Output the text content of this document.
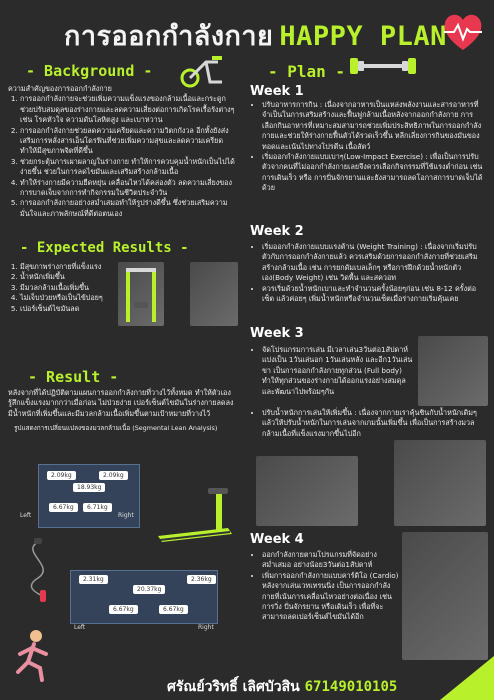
การออกกำลังกาย HAPPY PLAN
- Background -

ความสำคัญของการออกกำลังกาย

1. การออกกำลังกายจะช่วยเพิ่มความแข็งแรงของกล้ามเนื้อและกระดูก ช่วยปรับสมดุลของร่างกายและลดความเสี่ยงต่อการเกิดโรคเรื้อรังต่างๆ เช่น โรคหัวใจ ความดันโลหิตสูง และเบาหวาน
2. การออกกำลังกายช่วยลดความเครียดและความวิตกกังวล อีกทั้งยังส่งเสริมการหลั่งสารเอ็นโดรฟินที่ช่วยเพิ่มความสุขและลดความเครียด ทำให้มีสุขภาพจิตที่ดีขึ้น
3. ช่วยกระตุ้นการเผาผลาญในร่างกาย ทำให้การควบคุมน้ำหนักเป็นไปได้ง่ายขึ้น ช่วยในการลดไขมันและเสริมสร้างกล้ามเนื้อ
4. ทำให้ร่างกายมีความยืดหยุ่น เคลื่อนไหวได้คล่องตัว ลดความเสี่ยงของการบาดเจ็บจากการทำกิจกรรมในชีวิตประจำวัน
5. การออกกำลังกายอย่างสม่ำเสมอทำให้รูปร่างดีขึ้น ซึ่งช่วยเสริมความมั่นใจและภาพลักษณ์ที่ดีต่อตนเอง
- Expected Results -
1. มีสุขภาพร่างกายที่แข็งแรง
2. น้ำหนักเพิ่มขึ้น
3. มีมวลกล้ามเนื้อเพิ่มขึ้น
4. ไม่เจ็บป่วยหรือเป็นไข้บ่อยๆ
5. เปอร์เซ็นต์ไขมันลด
- Result -
หลังจากที่ได้ปฏิบัติตามแผนการออกกำลังกายที่วางไว้ทั้งหมด ทำให้ตัวเองรู้สึกแข็งแรงมากกว่าเมื่อก่อน ไม่ป่วยง่าย เปอร์เซ็นต์ไขมันในร่างกายลดลง มีน้ำหนักที่เพิ่มขึ้นและมีมวลกล้ามเนื้อเพิ่มขึ้นตามเป้าหมายที่วางไว้
รูปแสดงการเปลี่ยนแปลงของมวลกล้ามเนื้อ (Segmental Lean Analysis)
2.09kg	2.09kg
18.93kg
6.67kg	6.71kg
Left	Right
2.31kg	2.36kg
20.37kg
6.67kg	6.67kg
Left	Right
- Plan -
Week 1
• ปรับอาหารการกิน : เนื่องจากอาหารเป็นแหล่งพลังงานและสารอาหารที่จำเป็นในการเสริมสร้างและฟื้นฟูกล้ามเนื้อหลังจากออกกำลังกาย การเลือกกินอาหารที่เหมาะสมสามารถช่วยเพิ่มประสิทธิภาพในการออกกำลังกายและช่วยให้ร่างกายฟื้นตัวได้รวดเร็วขึ้น หลีกเลี่ยงการกินของมันของทอดและเน้นไปทางโปรตีน เนื้อสัตว์
• เริ่มออกกำลังกายแบบเบาๆ(Low-Impact Exercise) : เพื่อเป็นการปรับตัวจากคนที่ไม่ออกกำลังกายเลยจึงควรเลือกกิจกรรมที่ใช้แรงต่ำก่อน เช่น การเดินเร็ว หรือ การปั่นจักรยานและยังสามารถลดโอกาสการบาดเจ็บได้ด้วย
Week 2
• เริ่มออกกำลังกายแบบแรงต้าน (Weight Training) : เนื่องจากเริ่มปรับตัวกับการออกกำลังกายแล้ว ควรเสริมด้วยการออกกำลังกายที่ช่วยเสริมสร้างกล้ามเนื้อ เช่น การยกดัมเบลเล็กๆ หรือการฝึกด้วยน้ำหนักตัวเอง(Body Weight) เช่น วิดพื้น และสควอท
• ควรเริ่มด้วยน้ำหนักเบาและทำจำนวนครั้งน้อยๆก่อน เช่น 8-12 ครั้งต่อเซ็ต แล้วค่อยๆ เพิ่มน้ำหนักหรือจำนวนเซ็ตเมื่อร่างกายเริ่มคุ้นเคย
Week 3
• จัดโปรแกรมการเล่น มีเวลาเล่น3วันต่อ1สัปดาห์ แบ่งเป็น 1วันเล่นอก 1วันเล่นหลัง และอีก1วันเล่นขา เป็นการออกกำลังกายทุกส่วน (Full body) ทำให้ทุกส่วนของร่างกายได้ออกแรงอย่างสมดุลและพัฒนาไปพร้อมๆกัน
• ปรับน้ำหนักการเล่นให้เพิ่มขึ้น : เนื่องจากกายเราคุ้นชินกับน้ำหนักเดิมๆแล้วให้ปรับน้ำหนักในการเล่นจากเกมนั้นเพิ่มขึ้น เพื่อเป็นการสร้างมวลกล้ามเนื้อที่แข็งแรงมากขึ้นไปอีก
Week 4
• ออกกำลังกายตามโปรแกรมที่จัดอย่างสม่ำเสมอ อย่างน้อย3วันต่อ1สัปดาห์
• เพิ่มการออกกำลังกายแบบคาร์ดิโอ (Cardio) หลังจากเล่นเวทเทรนนิ่ง เป็นการออกกำลังกายที่เน้นการเคลื่อนไหวอย่างต่อเนื่อง เช่น การวิ่ง ปั่นจักรยาน หรือเดินเร็ว เพื่อที่จะสามารถลดเปอร์เซ็นต์ไขมันได้อีก
ศรัณย์วริทธิ์ เลิศบัวสิน 67149010105
